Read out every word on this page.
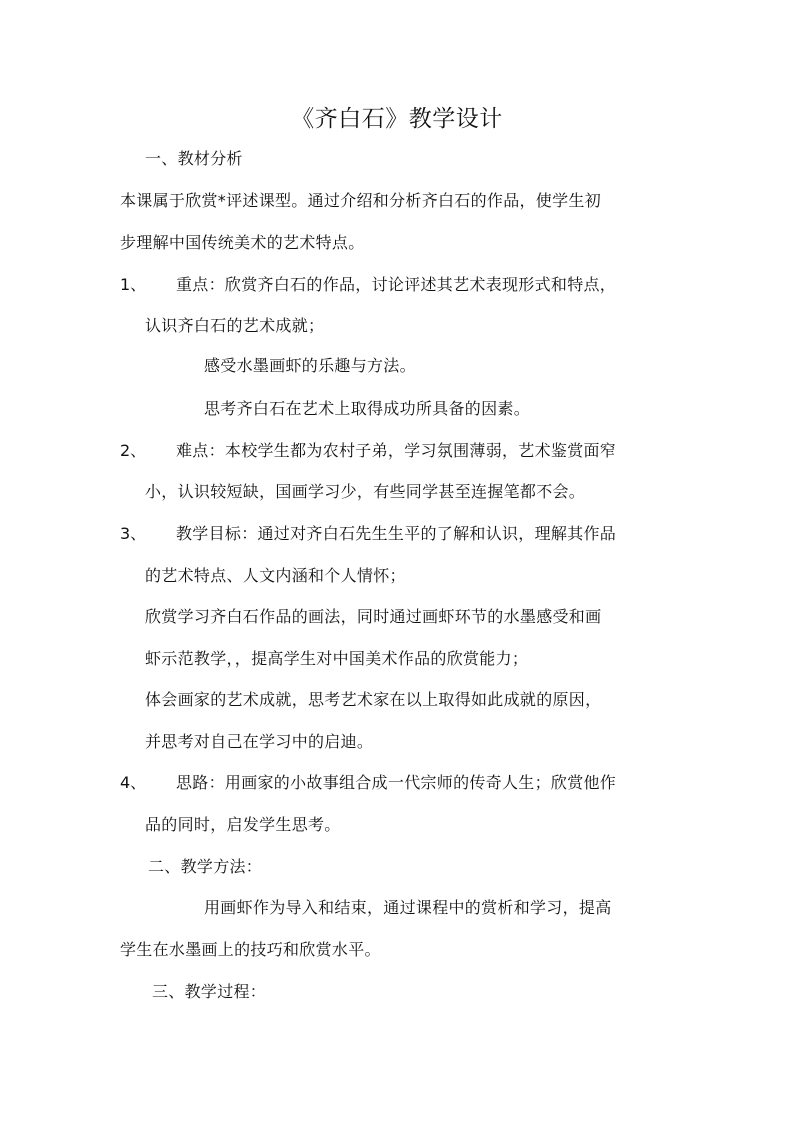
《齐白石》教学设计
一、教材分析
本课属于欣赏*评述课型。通过介绍和分析齐白石的作品，使学生初
步理解中国传统美术的艺术特点。
1、 重点：欣赏齐白石的作品，讨论评述其艺术表现形式和特点，
认识齐白石的艺术成就；
感受水墨画虾的乐趣与方法。
思考齐白石在艺术上取得成功所具备的因素。
2、 难点：本校学生都为农村子弟，学习氛围薄弱，艺术鉴赏面窄
小，认识较短缺，国画学习少，有些同学甚至连握笔都不会。
3、 教学目标：通过对齐白石先生生平的了解和认识，理解其作品
的艺术特点、人文内涵和个人情怀；
欣赏学习齐白石作品的画法，同时通过画虾环节的水墨感受和画
虾示范教学，，提高学生对中国美术作品的欣赏能力；
体会画家的艺术成就，思考艺术家在以上取得如此成就的原因，
并思考对自己在学习中的启迪。
4、 思路：用画家的小故事组合成一代宗师的传奇人生；欣赏他作
品的同时，启发学生思考。
二、教学方法：
用画虾作为导入和结束，通过课程中的赏析和学习，提高
学生在水墨画上的技巧和欣赏水平。
三、教学过程：
